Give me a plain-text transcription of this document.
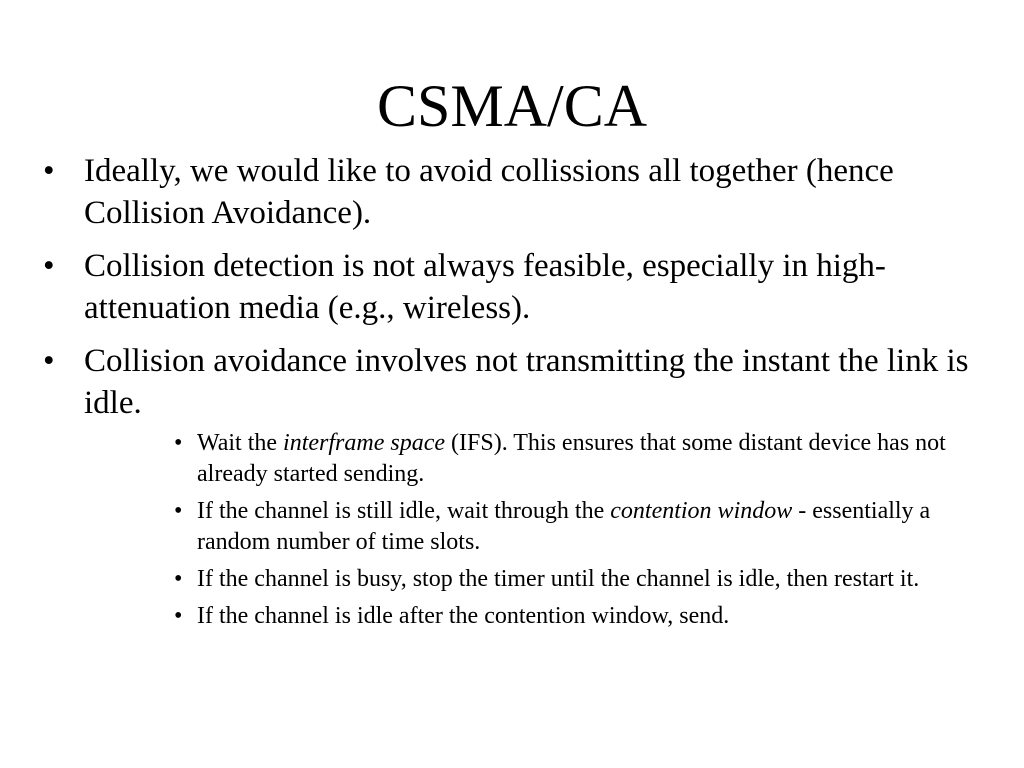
CSMA/CA
• Ideally, we would like to avoid collissions all together (hence Collision Avoidance).
• Collision detection is not always feasible, especially in high-attenuation media (e.g., wireless).
• Collision avoidance involves not transmitting the instant the link is idle.
• Wait the interframe space (IFS). This ensures that some distant device has not already started sending.
• If the channel is still idle, wait through the contention window - essentially a random number of time slots.
• If the channel is busy, stop the timer until the channel is idle, then restart it.
• If the channel is idle after the contention window, send.
